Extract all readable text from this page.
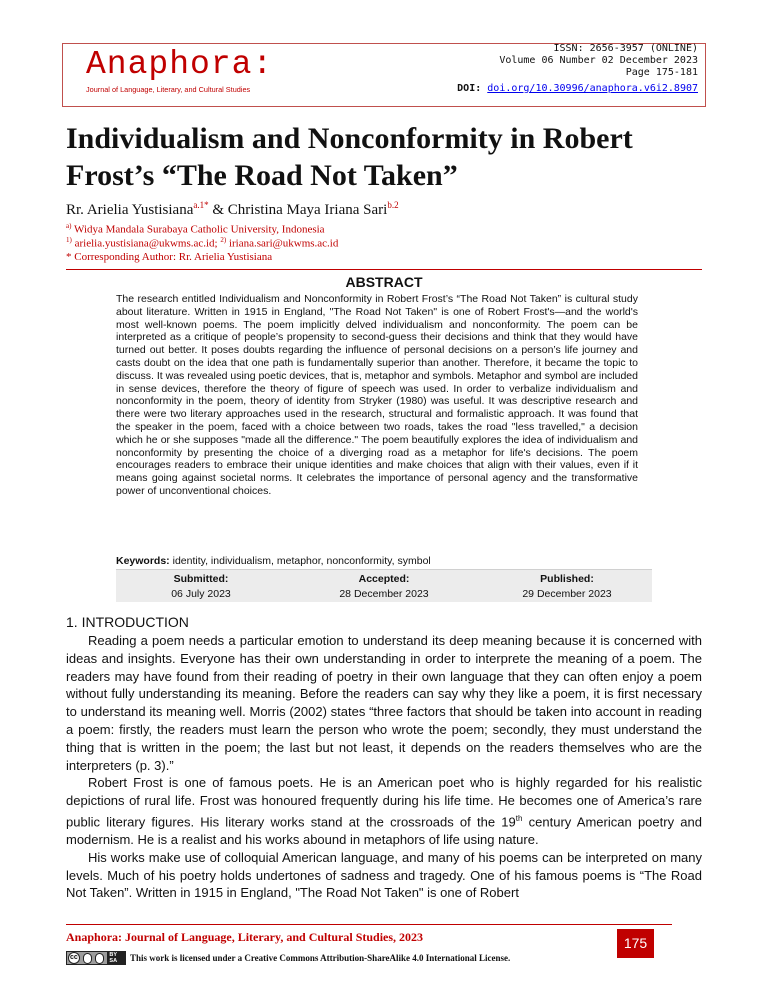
Anaphora:
Journal of Language, Literary, and Cultural Studies
ISSN: 2656-3957 (ONLINE)
Volume 06 Number 02 December 2023
Page 175-181
DOI: doi.org/10.30996/anaphora.v6i2.8907
Individualism and Nonconformity in Robert
Frost’s “The Road Not Taken”
Rr. Arielia Yustisiana$^{a.1*}$ & Christina Maya Iriana Sari$^{b.2}$
$^{a)}$ Widya Mandala Surabaya Catholic University, Indonesia
$^{1)}$ arielia.yustisiana@ukwms.ac.id; $^{2)}$ iriana.sari@ukwms.ac.id
* Corresponding Author: Rr. Arielia Yustisiana
ABSTRACT
The research entitled Individualism and Nonconformity in Robert Frost’s “The Road Not Taken” is cultural study about literature. Written in 1915 in England, "The Road Not Taken" is one of Robert Frost's—and the world's most well-known poems. The poem implicitly delved individualism and nonconformity. The poem can be interpreted as a critique of people’s propensity to second-guess their decisions and think that they would have turned out better. It poses doubts regarding the influence of personal decisions on a person’s life journey and casts doubt on the idea that one path is fundamentally superior than another. Therefore, it became the topic to discuss. It was revealed using poetic devices, that is, metaphor and symbols. Metaphor and symbol are included in sense devices, therefore the theory of figure of speech was used. In order to verbalize individualism and nonconformity in the poem, theory of identity from Stryker (1980) was useful. It was descriptive research and there were two literary approaches used in the research, structural and formalistic approach. It was found that the speaker in the poem, faced with a choice between two roads, takes the road "less travelled," a decision which he or she supposes "made all the difference." The poem beautifully explores the idea of individualism and nonconformity by presenting the choice of a diverging road as a metaphor for life's decisions. The poem encourages readers to embrace their unique identities and make choices that align with their values, even if it means going against societal norms. It celebrates the importance of personal agency and the transformative power of unconventional choices.
Keywords: identity, individualism, metaphor, nonconformity, symbol
Submitted:
06 July 2023
Accepted:
28 December 2023
Published:
29 December 2023
1. INTRODUCTION

Reading a poem needs a particular emotion to understand its deep meaning because it is concerned with ideas and insights. Everyone has their own understanding in order to interprete the meaning of a poem. The readers may have found from their reading of poetry in their own language that they can often enjoy a poem without fully understanding its meaning. Before the readers can say why they like a poem, it is first necessary to understand its meaning well. Morris (2002) states “three factors that should be taken into account in reading a poem: firstly, the readers must learn the person who wrote the poem; secondly, they must understand the thing that is written in the poem; the last but not least, it depends on the readers themselves who are the interpreters (p. 3).”

Robert Frost is one of famous poets. He is an American poet who is highly regarded for his realistic depictions of rural life. Frost was honoured frequently during his life time. He becomes one of America’s rare public literary figures. His literary works stand at the crossroads of the 19th century American poetry and modernism. He is a realist and his works abound in metaphors of life using nature.

His works make use of colloquial American language, and many of his poems can be interpreted on many levels. Much of his poetry holds undertones of sadness and tragedy. One of his famous poems is “The Road Not Taken”. Written in 1915 in England, "The Road Not Taken" is one of Robert

Anaphora: Journal of Language, Literary, and Cultural Studies, 2023
cc	BY SA	This work is licensed under a Creative Commons Attribution-ShareAlike 4.0 International License.
175
